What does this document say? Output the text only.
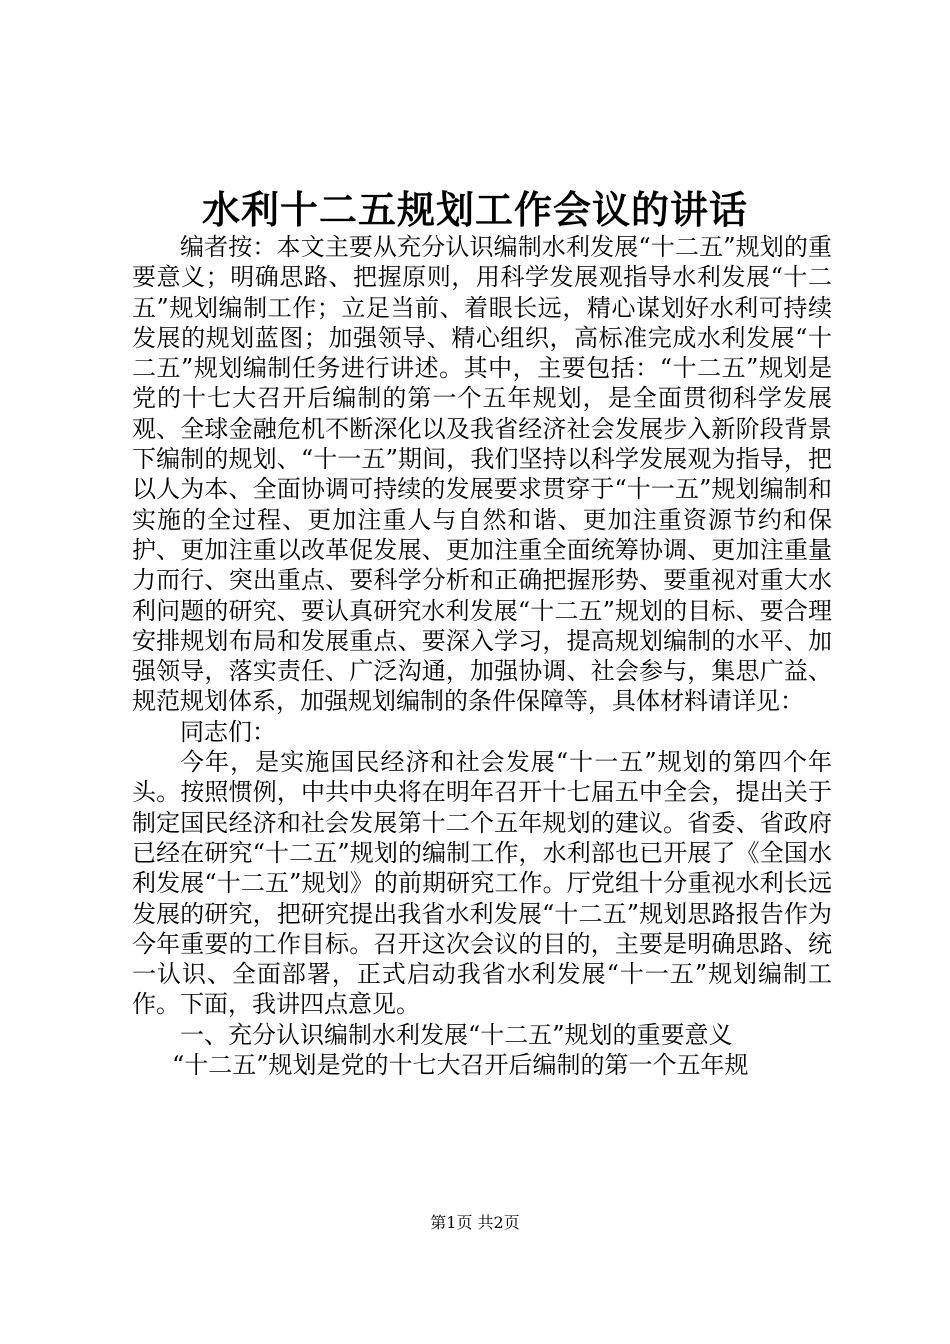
水利十二五规划工作会议的讲话

编者按：本文主要从充分认识编制水利发展“十二五”规划的重要意义；明确思路、把握原则，用科学发展观指导水利发展“十二五”规划编制工作；立足当前、着眼长远，精心谋划好水利可持续发展的规划蓝图；加强领导、精心组织，高标准完成水利发展“十二五”规划编制任务进行讲述。其中，主要包括：“十二五”规划是党的十七大召开后编制的第一个五年规划，是全面贯彻科学发展观、全球金融危机不断深化以及我省经济社会发展步入新阶段背景下编制的规划、“十一五”期间，我们坚持以科学发展观为指导，把以人为本、全面协调可持续的发展要求贯穿于“十一五”规划编制和实施的全过程、更加注重人与自然和谐、更加注重资源节约和保护、更加注重以改革促发展、更加注重全面统筹协调、更加注重量力而行、突出重点、要科学分析和正确把握形势、要重视对重大水利问题的研究、要认真研究水利发展“十二五”规划的目标、要合理安排规划布局和发展重点、要深入学习，提高规划编制的水平、加强领导，落实责任、广泛沟通，加强协调、社会参与，集思广益、规范规划体系，加强规划编制的条件保障等，具体材料请详见：

同志们：

今年，是实施国民经济和社会发展“十一五”规划的第四个年头。按照惯例，中共中央将在明年召开十七届五中全会，提出关于制定国民经济和社会发展第十二个五年规划的建议。省委、省政府已经在研究“十二五”规划的编制工作，水利部也已开展了《全国水利发展“十二五”规划》的前期研究工作。厅党组十分重视水利长远发展的研究，把研究提出我省水利发展“十二五”规划思路报告作为今年重要的工作目标。召开这次会议的目的，主要是明确思路、统一认识、全面部署，正式启动我省水利发展“十一五”规划编制工作。下面，我讲四点意见。

一、充分认识编制水利发展“十二五”规划的重要意义

“十二五”规划是党的十七大召开后编制的第一个五年规

第1页 共2页
